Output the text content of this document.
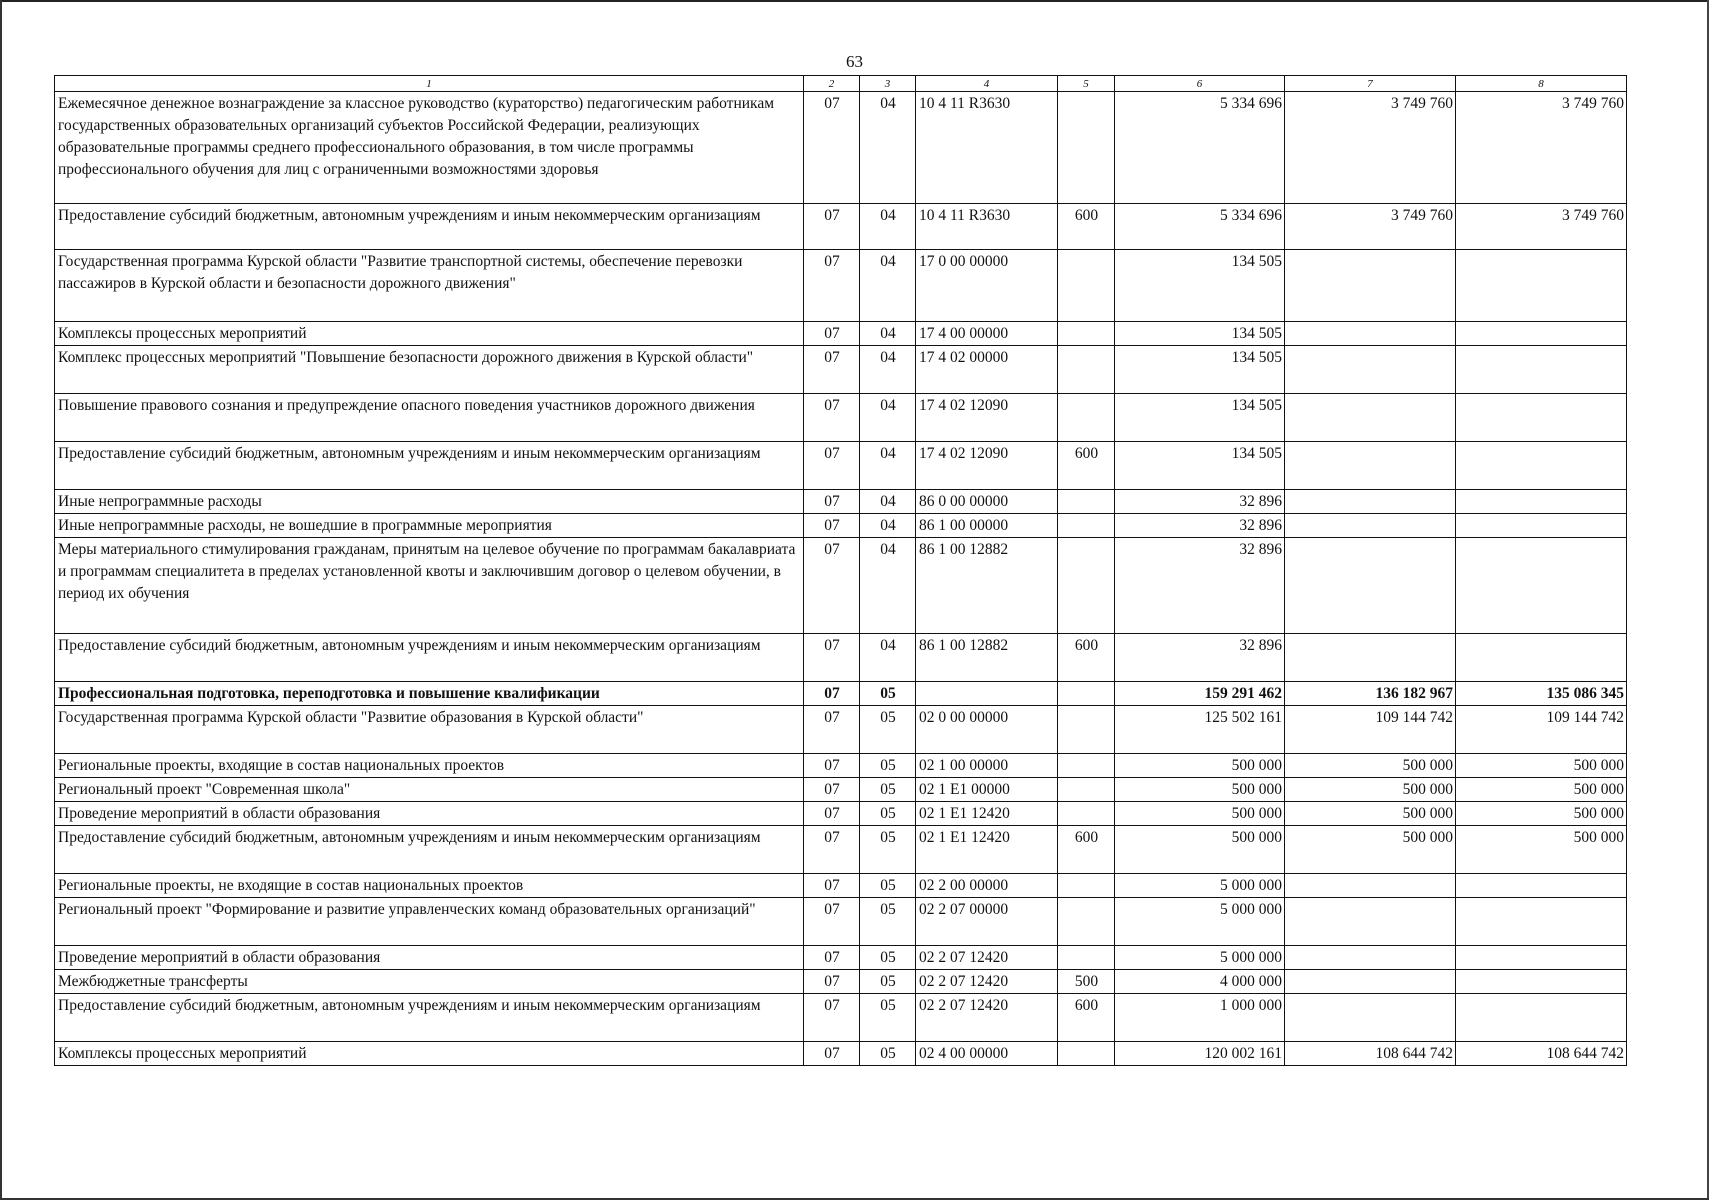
63
1	2	3	4	5	6	7	8
Ежемесячное денежное вознаграждение за классное руководство (кураторство) педагогическим работникам государственных образовательных организаций субъектов Российской Федерации, реализующих образовательные программы среднего профессионального образования, в том числе программы профессионального обучения для лиц с ограниченными возможностями здоровья	07	04	10 4 11 R3630		5 334 696	3 749 760	3 749 760
Предоставление субсидий бюджетным, автономным учреждениям и иным некоммерческим организациям	07	04	10 4 11 R3630	600	5 334 696	3 749 760	3 749 760
Государственная программа Курской области "Развитие транспортной системы, обеспечение перевозки пассажиров в Курской области и безопасности дорожного движения"	07	04	17 0 00 00000		134 505		
Комплексы процессных мероприятий	07	04	17 4 00 00000		134 505		
Комплекс процессных мероприятий "Повышение безопасности дорожного движения в Курской области"	07	04	17 4 02 00000		134 505		
Повышение правового сознания и предупреждение опасного поведения участников дорожного движения	07	04	17 4 02 12090		134 505		
Предоставление субсидий бюджетным, автономным учреждениям и иным некоммерческим организациям	07	04	17 4 02 12090	600	134 505		
Иные непрограммные расходы	07	04	86 0 00 00000		32 896		
Иные непрограммные расходы, не вошедшие в программные мероприятия	07	04	86 1 00 00000		32 896		
Меры материального стимулирования гражданам, принятым на целевое обучение по программам бакалавриата и программам специалитета в пределах установленной квоты и заключившим договор о целевом обучении, в период их обучения	07	04	86 1 00 12882		32 896		
Предоставление субсидий бюджетным, автономным учреждениям и иным некоммерческим организациям	07	04	86 1 00 12882	600	32 896		
Профессиональная подготовка, переподготовка и повышение квалификации	07	05			159 291 462	136 182 967	135 086 345
Государственная программа Курской области "Развитие образования в Курской области"	07	05	02 0 00 00000		125 502 161	109 144 742	109 144 742
Региональные проекты, входящие в состав национальных проектов	07	05	02 1 00 00000		500 000	500 000	500 000
Региональный проект "Современная школа"	07	05	02 1 E1 00000		500 000	500 000	500 000
Проведение мероприятий в области образования	07	05	02 1 E1 12420		500 000	500 000	500 000
Предоставление субсидий бюджетным, автономным учреждениям и иным некоммерческим организациям	07	05	02 1 E1 12420	600	500 000	500 000	500 000
Региональные проекты, не входящие в состав национальных проектов	07	05	02 2 00 00000		5 000 000		
Региональный проект "Формирование и развитие управленческих команд образовательных организаций"	07	05	02 2 07 00000		5 000 000		
Проведение мероприятий в области образования	07	05	02 2 07 12420		5 000 000		
Межбюджетные трансферты	07	05	02 2 07 12420	500	4 000 000		
Предоставление субсидий бюджетным, автономным учреждениям и иным некоммерческим организациям	07	05	02 2 07 12420	600	1 000 000		
Комплексы процессных мероприятий	07	05	02 4 00 00000		120 002 161	108 644 742	108 644 742
